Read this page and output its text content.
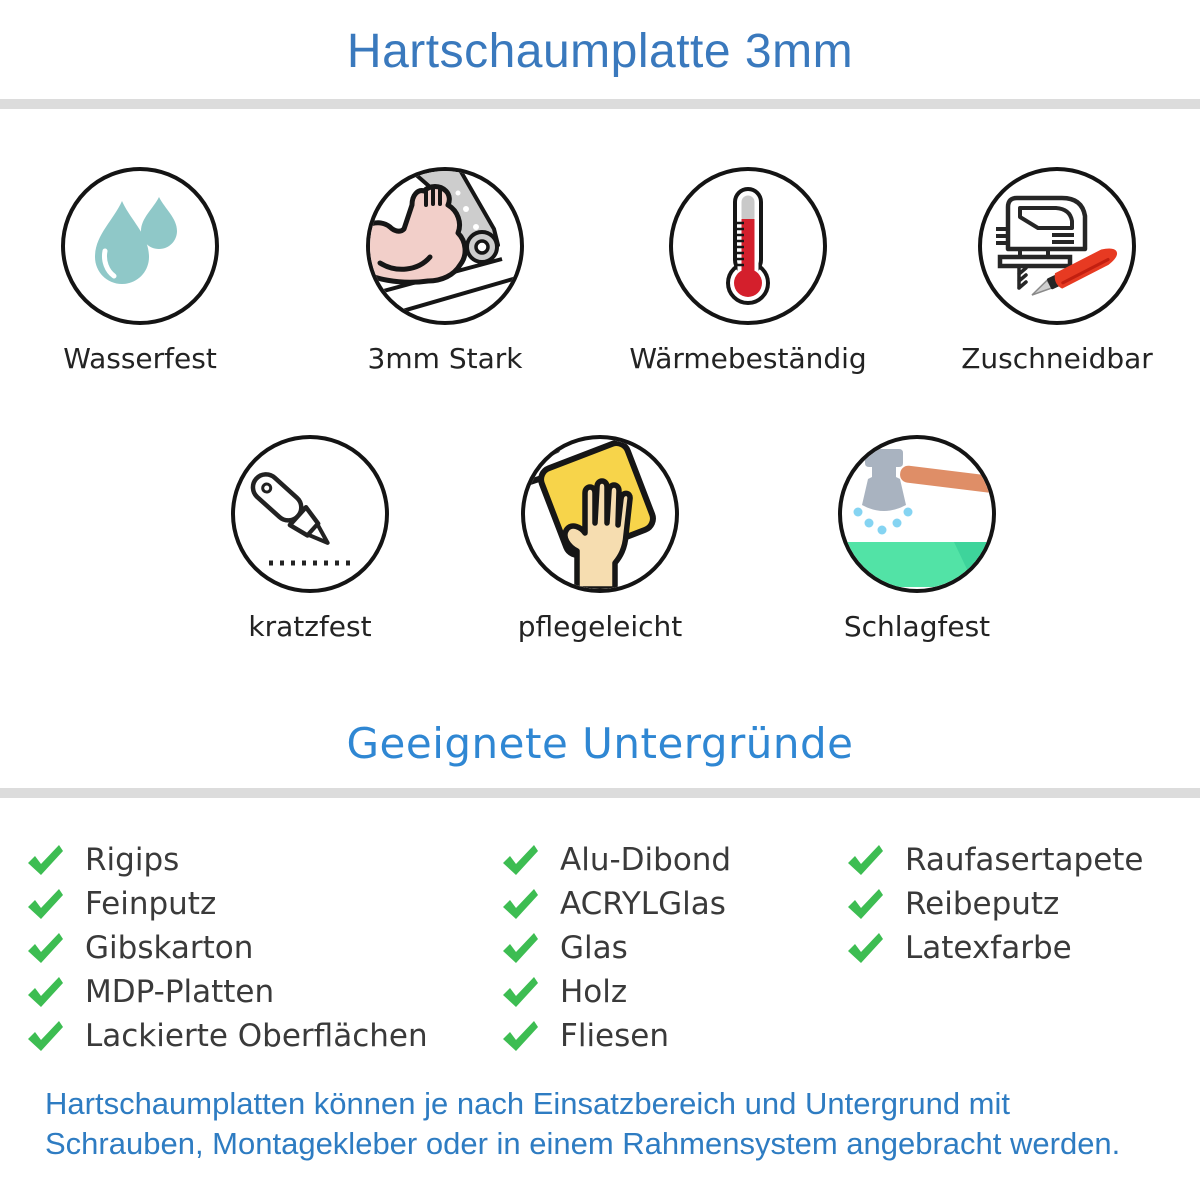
Hartschaumplatte 3mm
Wasserfest	3mm Stark	Wärmebeständig	Zuschneidbar
kratzfest	pflegeleicht	Schlagfest
Geeignete Untergründe
Rigips
Feinputz
Gibskarton
MDP-Platten
Lackierte Oberflächen
Alu-Dibond
ACRYLGlas
Glas
Holz
Fliesen
Raufasertapete
Reibeputz
Latexfarbe
Hartschaumplatten können je nach Einsatzbereich und Untergrund mit
Schrauben, Montagekleber oder in einem Rahmensystem angebracht werden.
